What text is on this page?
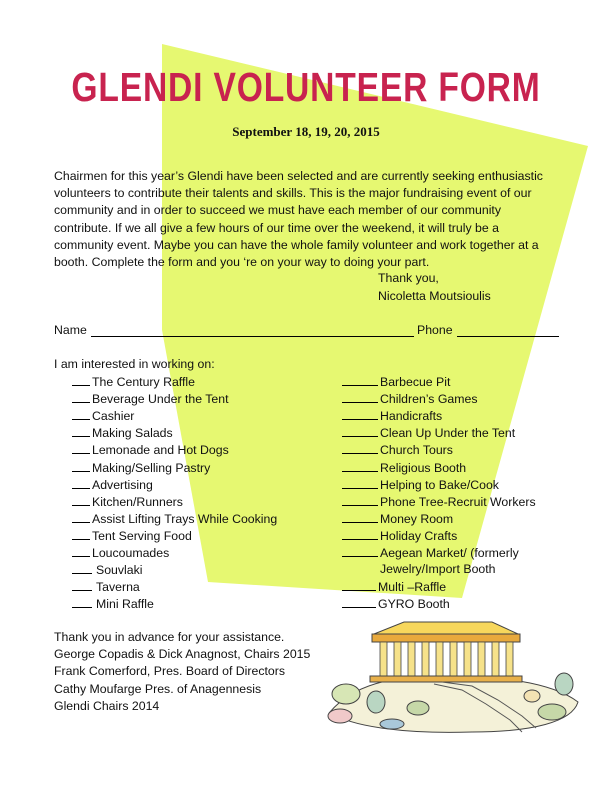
GLENDI VOLUNTEER FORM
September 18, 19, 20, 2015
Chairmen for this year’s Glendi have been selected and are currently seeking enthusiastic
volunteers to contribute their talents and skills. This is the major fundraising event of our
community and in order to succeed we must have each member of our community
contribute. If we all give a few hours of our time over the weekend, it will truly be a
community event. Maybe you can have the whole family volunteer and work together at a
booth. Complete the form and you ‘re on your way to doing your part.
Thank you,
Nicoletta Moutsioulis
Name	Phone
I am interested in working on:
The Century Raffle
Beverage Under the Tent
Cashier
Making Salads
Lemonade and Hot Dogs
Making/Selling Pastry
Advertising
Kitchen/Runners
Assist Lifting Trays While Cooking
Tent Serving Food
Loucoumades
Souvlaki
Taverna
Mini Raffle
Barbecue Pit
Children’s Games
Handicrafts
Clean Up Under the Tent
Church Tours
Religious Booth
Helping to Bake/Cook
Phone Tree-Recruit Workers
Money Room
Holiday Crafts
Aegean Market/ (formerly
Jewelry/Import Booth
Multi –Raffle
GYRO Booth
Thank you in advance for your assistance.
George Copadis & Dick Anagnost, Chairs 2015
Frank Comerford, Pres. Board of Directors
Cathy Moufarge Pres. of Anagennesis
Glendi Chairs 2014
